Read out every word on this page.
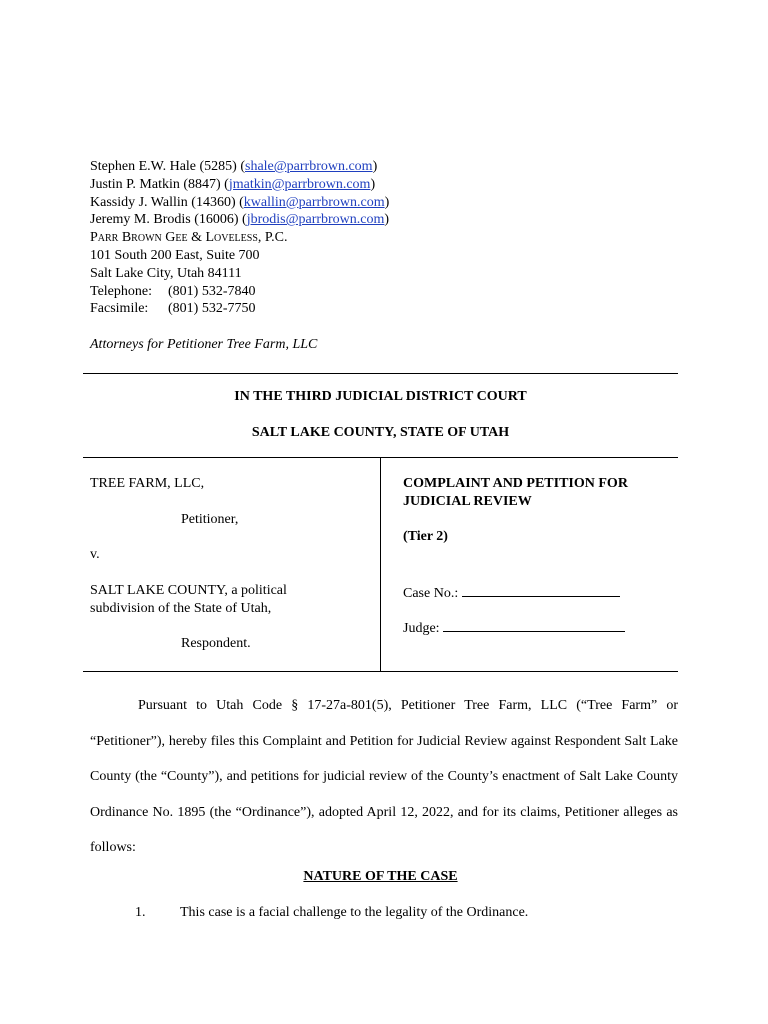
Stephen E.W. Hale (5285) (shale@parrbrown.com)
Justin P. Matkin (8847) (jmatkin@parrbrown.com)
Kassidy J. Wallin (14360) (kwallin@parrbrown.com)
Jeremy M. Brodis (16006) (jbrodis@parrbrown.com)
Parr Brown Gee & Loveless, P.C.
101 South 200 East, Suite 700
Salt Lake City, Utah 84111
Telephone: (801) 532-7840
Facsimile: (801) 532-7750
Attorneys for Petitioner Tree Farm, LLC
IN THE THIRD JUDICIAL DISTRICT COURT
SALT LAKE COUNTY, STATE OF UTAH
TREE FARM, LLC,
Petitioner,
v.
SALT LAKE COUNTY, a political
subdivision of the State of Utah,
Respondent.
COMPLAINT AND PETITION FOR
JUDICIAL REVIEW
(Tier 2)
Case No.:
Judge:
Pursuant to Utah Code § 17-27a-801(5), Petitioner Tree Farm, LLC (“Tree Farm” or “Petitioner”), hereby files this Complaint and Petition for Judicial Review against Respondent Salt Lake County (the “County”), and petitions for judicial review of the County’s enactment of Salt Lake County Ordinance No. 1895 (the “Ordinance”), adopted April 12, 2022, and for its claims, Petitioner alleges as follows:
NATURE OF THE CASE
1. This case is a facial challenge to the legality of the Ordinance.
